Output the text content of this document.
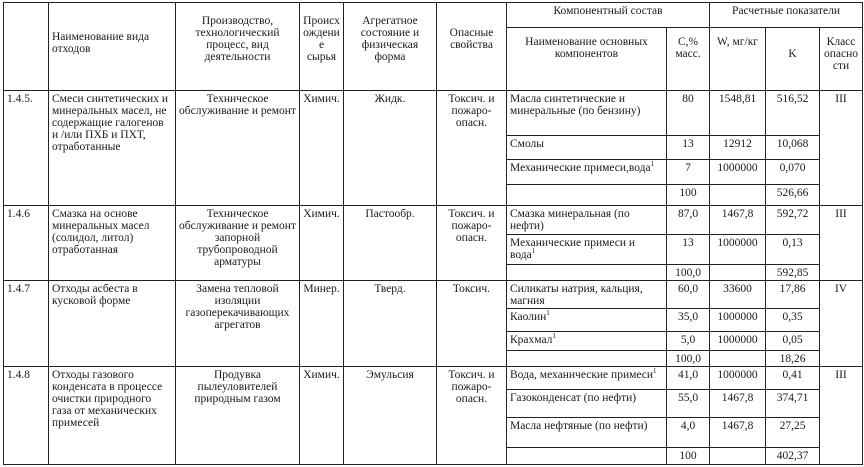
	Наименование вида отходов	Производство, технологический процесс, вид деятельности	Происхождение сырья	Агрегатное состояние и физическая форма	Опасные свойства	Компонентный состав		Расчетные показатели		
						Наименование основных компонентов	С,% масс.	W, мг/кг	K	Класс опасности
1.4.5.	Смеси синтетических и минеральных масел, не содержащие галогенов и /или ПХБ и ПХТ, отработанные	Техническое обслуживание и ремонт	Химич.	Жидк.	Токсич. и пожаро-опасн.	Масла синтетические и минеральные (по бензину)	80	1548,81	516,52	III
						Смолы	13	12912	10,068	
						Механические примеси,вода$^1$	7	1000000	0,070	
							100		526,66	
1.4.6	Смазка на основе минеральных масел (солидол, литол) отработанная	Техническое обслуживание и ремонт запорной трубопроводной арматуры	Химич.	Пастообр.	Токсич. и пожаро-опасн.	Смазка минеральная (по нефти)	87,0	1467,8	592,72	III
						Механические примеси и вода$^1$	13	1000000	0,13	
							100,0		592,85	
1.4.7	Отходы асбеста в кусковой форме	Замена тепловой изоляции газоперекачивающих агрегатов	Минер.	Тверд.	Токсич.	Силикаты натрия, кальция, магния	60,0	33600	17,86	IV
						Каолин$^1$	35,0	1000000	0,35	
						Крахмал$^1$	5,0	1000000	0,05	
							100,0		18,26	
1.4.8	Отходы газового конденсата в процессе очистки природного газа от механических примесей	Продувка пылеуловителей природным газом	Химич.	Эмульсия	Токсич. и пожаро-опасн.	Вода, механические примеси$^1$	41,0	1000000	0,41	III
						Газоконденсат (по нефти)	55,0	1467,8	374,71	
						Масла нефтяные (по нефти)	4,0	1467,8	27,25	
							100		402,37	
